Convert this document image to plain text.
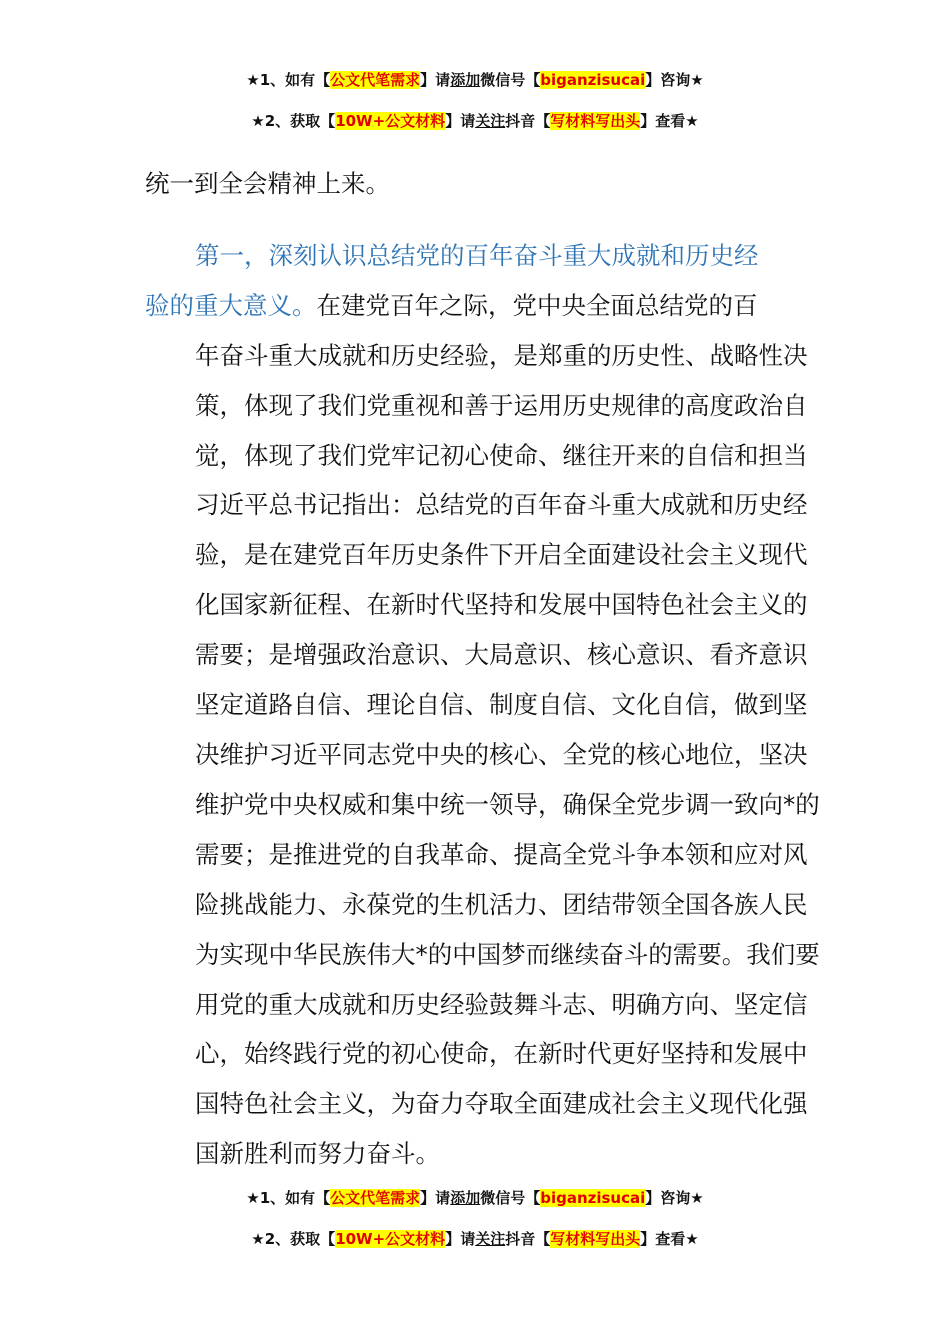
★1、如有【公文代笔需求】请添加微信号【biganzisucai】咨询★
★2、获取【10W+公文材料】请关注抖音【写材料写出头】查看★

统一到全会精神上来。

第一，深刻认识总结党的百年奋斗重大成就和历史经
验的重大意义。在建党百年之际，党中央全面总结党的百
年奋斗重大成就和历史经验，是郑重的历史性、战略性决
策，体现了我们党重视和善于运用历史规律的高度政治自
觉，体现了我们党牢记初心使命、继往开来的自信和担当
习近平总书记指出：总结党的百年奋斗重大成就和历史经
验，是在建党百年历史条件下开启全面建设社会主义现代
化国家新征程、在新时代坚持和发展中国特色社会主义的
需要；是增强政治意识、大局意识、核心意识、看齐意识
坚定道路自信、理论自信、制度自信、文化自信，做到坚
决维护习近平同志党中央的核心、全党的核心地位，坚决
维护党中央权威和集中统一领导，确保全党步调一致向*的
需要；是推进党的自我革命、提高全党斗争本领和应对风
险挑战能力、永葆党的生机活力、团结带领全国各族人民
为实现中华民族伟大*的中国梦而继续奋斗的需要。我们要
用党的重大成就和历史经验鼓舞斗志、明确方向、坚定信
心，始终践行党的初心使命，在新时代更好坚持和发展中
国特色社会主义，为奋力夺取全面建成社会主义现代化强
国新胜利而努力奋斗。

★1、如有【公文代笔需求】请添加微信号【biganzisucai】咨询★
★2、获取【10W+公文材料】请关注抖音【写材料写出头】查看★
